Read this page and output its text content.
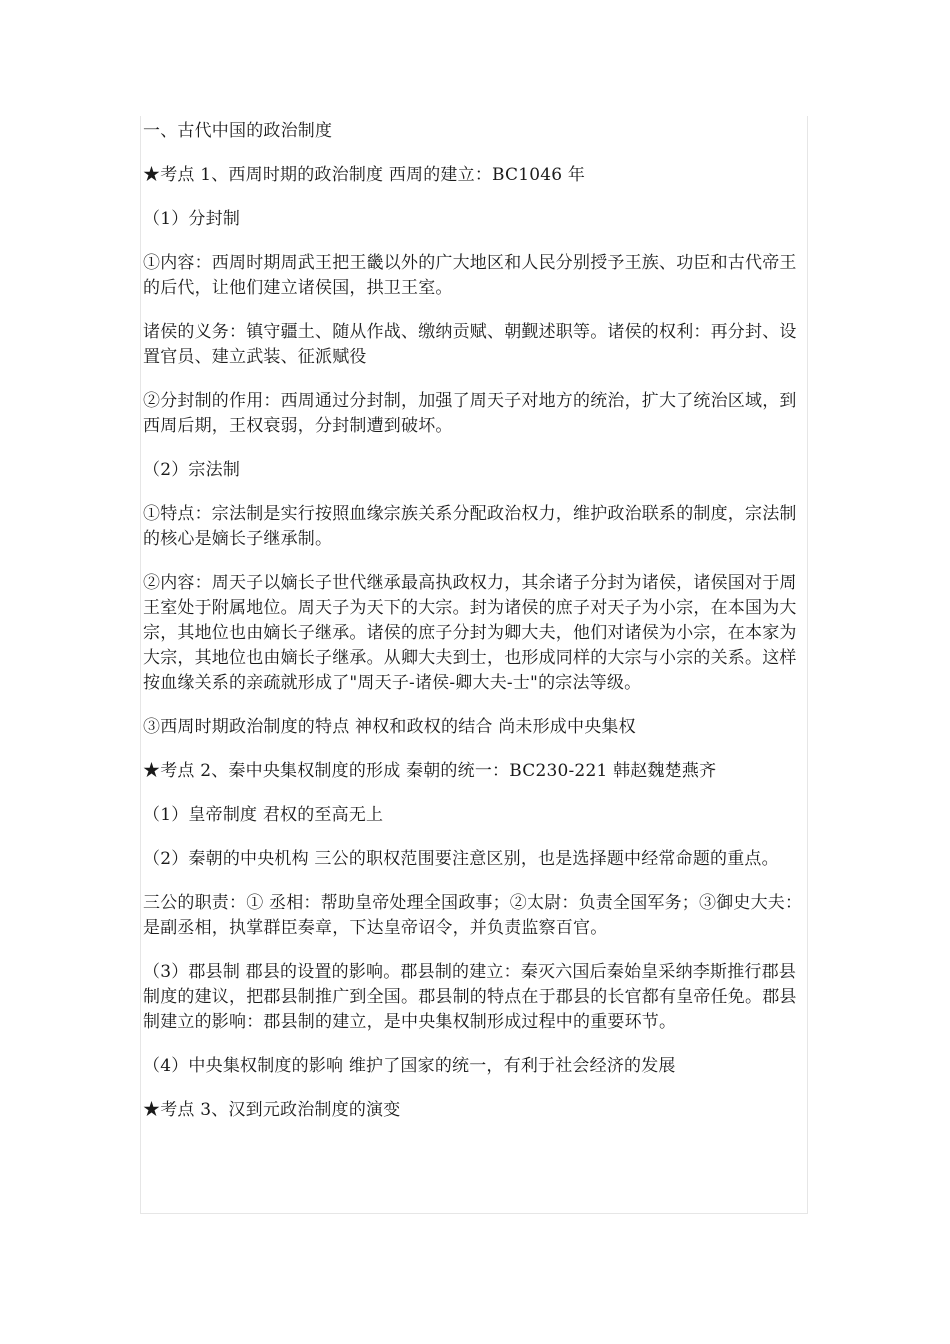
一、古代中国的政治制度

★考点 1、西周时期的政治制度 西周的建立：BC1046 年

（1）分封制

①内容：西周时期周武王把王畿以外的广大地区和人民分别授予王族、功臣和古代帝王的后代，让他们建立诸侯国，拱卫王室。

诸侯的义务：镇守疆土、随从作战、缴纳贡赋、朝觐述职等。诸侯的权利：再分封、设置官员、建立武装、征派赋役

②分封制的作用：西周通过分封制，加强了周天子对地方的统治，扩大了统治区域，到西周后期，王权衰弱，分封制遭到破坏。

（2）宗法制

①特点：宗法制是实行按照血缘宗族关系分配政治权力，维护政治联系的制度，宗法制的核心是嫡长子继承制。

②内容：周天子以嫡长子世代继承最高执政权力，其余诸子分封为诸侯，诸侯国对于周王室处于附属地位。周天子为天下的大宗。封为诸侯的庶子对天子为小宗，在本国为大宗，其地位也由嫡长子继承。诸侯的庶子分封为卿大夫，他们对诸侯为小宗，在本家为大宗，其地位也由嫡长子继承。从卿大夫到士，也形成同样的大宗与小宗的关系。这样按血缘关系的亲疏就形成了"周天子-诸侯-卿大夫-士"的宗法等级。

③西周时期政治制度的特点 神权和政权的结合 尚未形成中央集权

★考点 2、秦中央集权制度的形成 秦朝的统一：BC230-221 韩赵魏楚燕齐

（1）皇帝制度 君权的至高无上

（2）秦朝的中央机构 三公的职权范围要注意区别，也是选择题中经常命题的重点。

三公的职责：① 丞相：帮助皇帝处理全国政事；②太尉：负责全国军务；③御史大夫：是副丞相，执掌群臣奏章，下达皇帝诏令，并负责监察百官。

（3）郡县制 郡县的设置的影响。郡县制的建立：秦灭六国后秦始皇采纳李斯推行郡县制度的建议，把郡县制推广到全国。郡县制的特点在于郡县的长官都有皇帝任免。郡县制建立的影响：郡县制的建立，是中央集权制形成过程中的重要环节。

（4）中央集权制度的影响 维护了国家的统一，有利于社会经济的发展

★考点 3、汉到元政治制度的演变
